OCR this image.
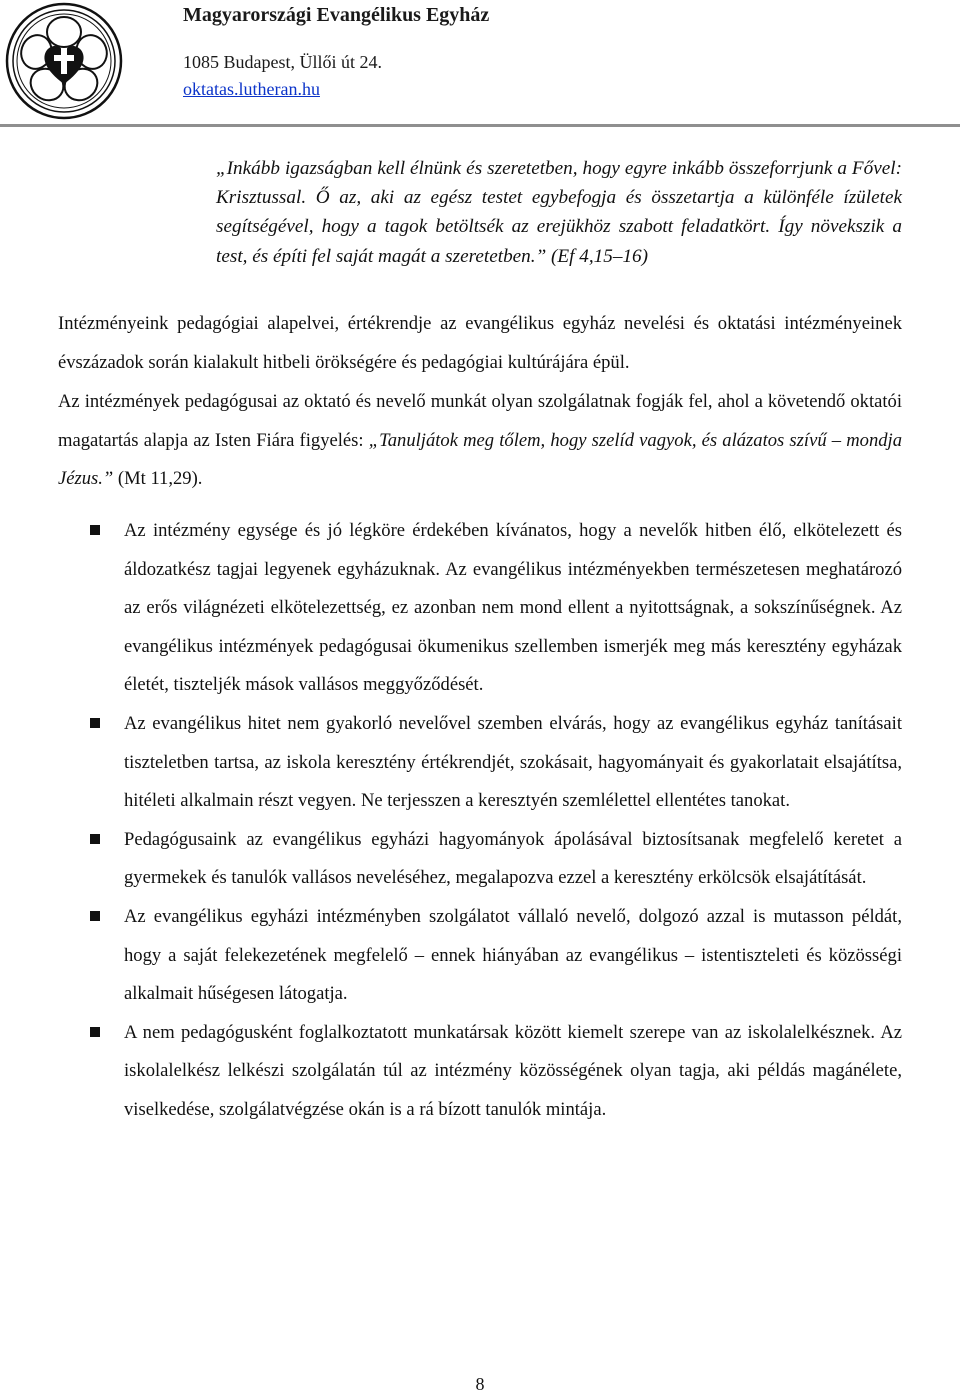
Magyarországi Evangélikus Egyház
1085 Budapest, Üllői út 24.
oktatas.lutheran.hu
„Inkább igazságban kell élnünk és szeretetben, hogy egyre inkább összeforrjunk a Fővel: Krisztussal. Ő az, aki az egész testet egybefogja és összetartja a különféle ízületek segítségével, hogy a tagok betöltsék az erejükhöz szabott feladatkört. Így növekszik a test, és építi fel saját magát a szeretetben.” (Ef 4,15–16)

Intézményeink pedagógiai alapelvei, értékrendje az evangélikus egyház nevelési és oktatási intézményeinek évszázadok során kialakult hitbeli örökségére és pedagógiai kultúrájára épül.

Az intézmények pedagógusai az oktató és nevelő munkát olyan szolgálatnak fogják fel, ahol a követendő oktatói magatartás alapja az Isten Fiára figyelés: „Tanuljátok meg tőlem, hogy szelíd vagyok, és alázatos szívű – mondja Jézus.” (Mt 11,29).

Az intézmény egysége és jó légköre érdekében kívánatos, hogy a nevelők hitben élő, elkötelezett és áldozatkész tagjai legyenek egyházuknak. Az evangélikus intézményekben természetesen meghatározó az erős világnézeti elkötelezettség, ez azonban nem mond ellent a nyitottságnak, a sokszínűségnek. Az evangélikus intézmények pedagógusai ökumenikus szellemben ismerjék meg más keresztény egyházak életét, tiszteljék mások vallásos meggyőződését.
Az evangélikus hitet nem gyakorló nevelővel szemben elvárás, hogy az evangélikus egyház tanításait tiszteletben tartsa, az iskola keresztény értékrendjét, szokásait, hagyományait és gyakorlatait elsajátítsa, hitéleti alkalmain részt vegyen. Ne terjesszen a keresztyén szemlélettel ellentétes tanokat.
Pedagógusaink az evangélikus egyházi hagyományok ápolásával biztosítsanak megfelelő keretet a gyermekek és tanulók vallásos neveléséhez, megalapozva ezzel a keresztény erkölcsök elsajátítását.
Az evangélikus egyházi intézményben szolgálatot vállaló nevelő, dolgozó azzal is mutasson példát, hogy a saját felekezetének megfelelő – ennek hiányában az evangélikus – istentiszteleti és közösségi alkalmait hűségesen látogatja.
A nem pedagógusként foglalkoztatott munkatársak között kiemelt szerepe van az iskolalelkésznek. Az iskolalelkész lelkészi szolgálatán túl az intézmény közösségének olyan tagja, aki példás magánélete, viselkedése, szolgálatvégzése okán is a rá bízott tanulók mintája.
8
